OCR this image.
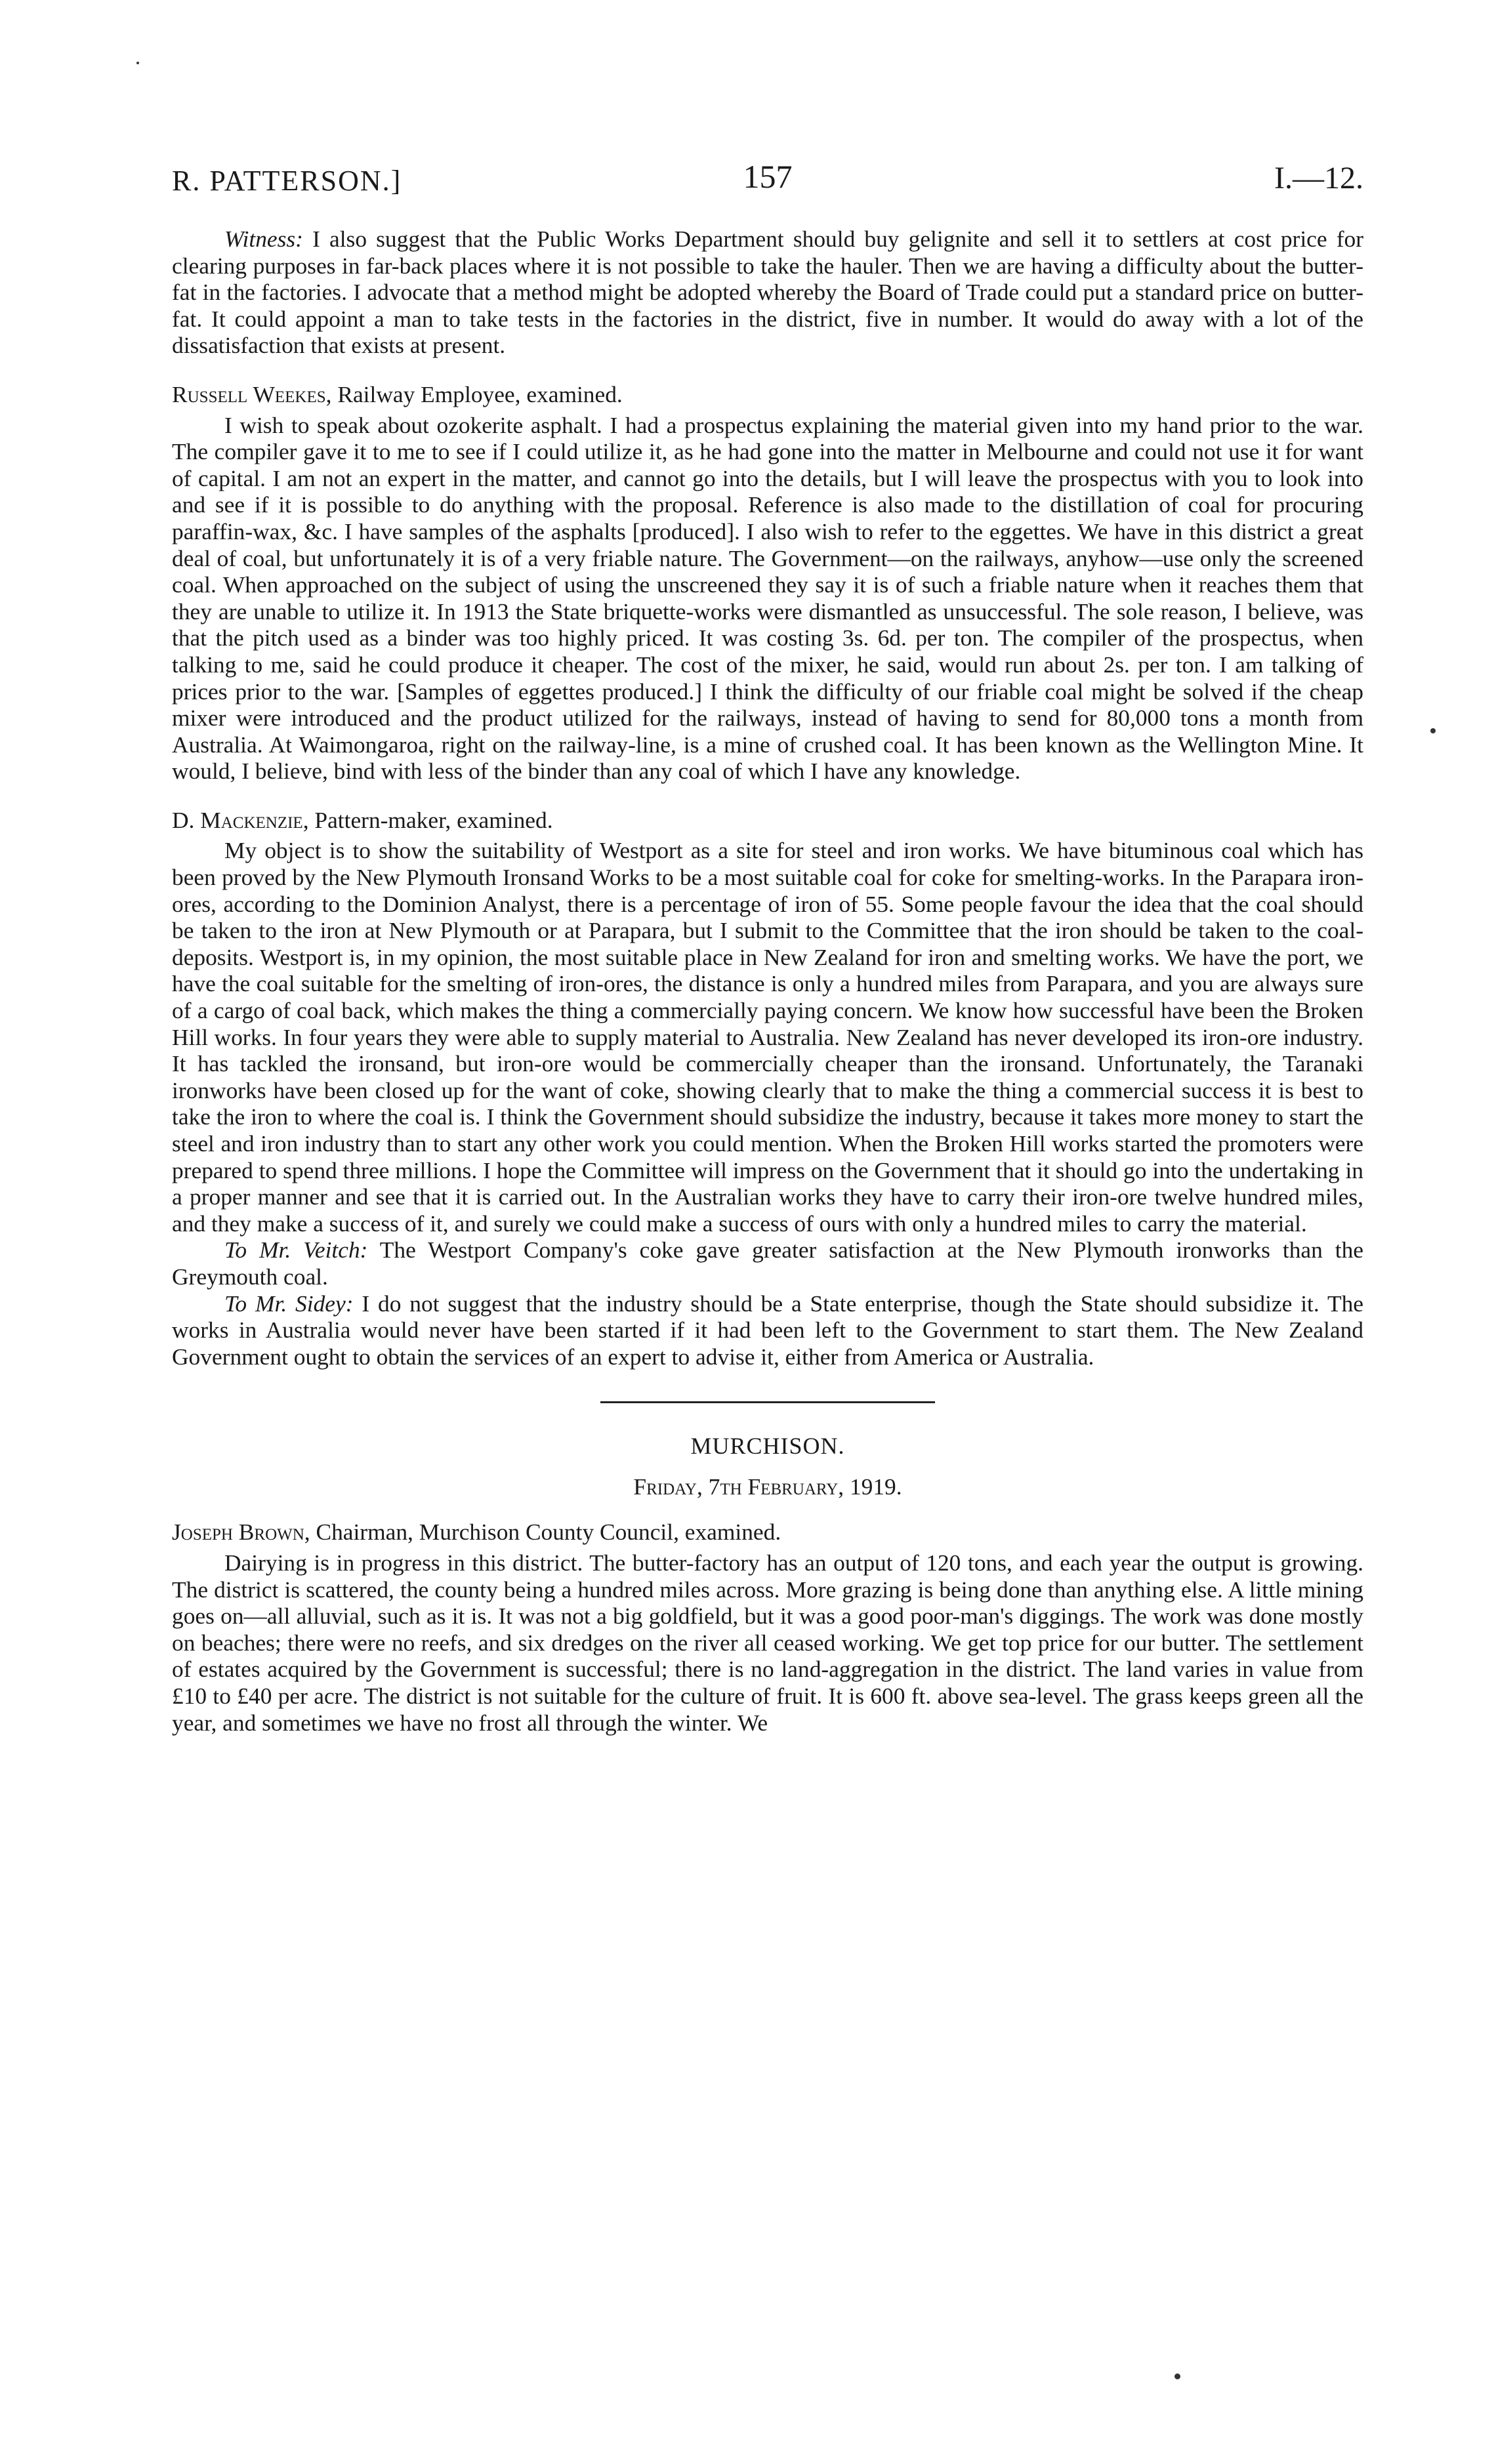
R. PATTERSON.]	157	I.—12.

Witness: I also suggest that the Public Works Department should buy gelignite and sell it to settlers at cost price for clearing purposes in far-back places where it is not possible to take the hauler. Then we are having a difficulty about the butter-fat in the factories. I advocate that a method might be adopted whereby the Board of Trade could put a standard price on butter-fat. It could appoint a man to take tests in the factories in the district, five in number. It would do away with a lot of the dissatisfaction that exists at present.

Russell Weekes, Railway Employee, examined.

I wish to speak about ozokerite asphalt. I had a prospectus explaining the material given into my hand prior to the war. The compiler gave it to me to see if I could utilize it, as he had gone into the matter in Melbourne and could not use it for want of capital. I am not an expert in the matter, and cannot go into the details, but I will leave the prospectus with you to look into and see if it is possible to do anything with the proposal. Reference is also made to the distillation of coal for procuring paraffin-wax, &c. I have samples of the asphalts [produced]. I also wish to refer to the eggettes. We have in this district a great deal of coal, but unfortunately it is of a very friable nature. The Government—on the railways, anyhow—use only the screened coal. When approached on the subject of using the unscreened they say it is of such a friable nature when it reaches them that they are unable to utilize it. In 1913 the State briquette-works were dismantled as unsuccessful. The sole reason, I believe, was that the pitch used as a binder was too highly priced. It was costing 3s. 6d. per ton. The compiler of the prospectus, when talking to me, said he could produce it cheaper. The cost of the mixer, he said, would run about 2s. per ton. I am talking of prices prior to the war. [Samples of eggettes produced.] I think the difficulty of our friable coal might be solved if the cheap mixer were introduced and the product utilized for the railways, instead of having to send for 80,000 tons a month from Australia. At Waimongaroa, right on the railway-line, is a mine of crushed coal. It has been known as the Wellington Mine. It would, I believe, bind with less of the binder than any coal of which I have any knowledge.

D. Mackenzie, Pattern-maker, examined.

My object is to show the suitability of Westport as a site for steel and iron works. We have bituminous coal which has been proved by the New Plymouth Ironsand Works to be a most suitable coal for coke for smelting-works. In the Parapara iron-ores, according to the Dominion Analyst, there is a percentage of iron of 55. Some people favour the idea that the coal should be taken to the iron at New Plymouth or at Parapara, but I submit to the Committee that the iron should be taken to the coal-deposits. Westport is, in my opinion, the most suitable place in New Zealand for iron and smelting works. We have the port, we have the coal suitable for the smelting of iron-ores, the distance is only a hundred miles from Parapara, and you are always sure of a cargo of coal back, which makes the thing a commercially paying concern. We know how successful have been the Broken Hill works. In four years they were able to supply material to Australia. New Zealand has never developed its iron-ore industry. It has tackled the ironsand, but iron-ore would be commercially cheaper than the ironsand. Unfortunately, the Taranaki ironworks have been closed up for the want of coke, showing clearly that to make the thing a commercial success it is best to take the iron to where the coal is. I think the Government should subsidize the industry, because it takes more money to start the steel and iron industry than to start any other work you could mention. When the Broken Hill works started the promoters were prepared to spend three millions. I hope the Committee will impress on the Government that it should go into the undertaking in a proper manner and see that it is carried out. In the Australian works they have to carry their iron-ore twelve hundred miles, and they make a success of it, and surely we could make a success of ours with only a hundred miles to carry the material.

To Mr. Veitch: The Westport Company's coke gave greater satisfaction at the New Plymouth ironworks than the Greymouth coal.

To Mr. Sidey: I do not suggest that the industry should be a State enterprise, though the State should subsidize it. The works in Australia would never have been started if it had been left to the Government to start them. The New Zealand Government ought to obtain the services of an expert to advise it, either from America or Australia.

MURCHISON.
Friday, 7th February, 1919.

Joseph Brown, Chairman, Murchison County Council, examined.

Dairying is in progress in this district. The butter-factory has an output of 120 tons, and each year the output is growing. The district is scattered, the county being a hundred miles across. More grazing is being done than anything else. A little mining goes on—all alluvial, such as it is. It was not a big goldfield, but it was a good poor-man's diggings. The work was done mostly on beaches; there were no reefs, and six dredges on the river all ceased working. We get top price for our butter. The settlement of estates acquired by the Government is successful; there is no land-aggregation in the district. The land varies in value from £10 to £40 per acre. The district is not suitable for the culture of fruit. It is 600 ft. above sea-level. The grass keeps green all the year, and sometimes we have no frost all through the winter. We
